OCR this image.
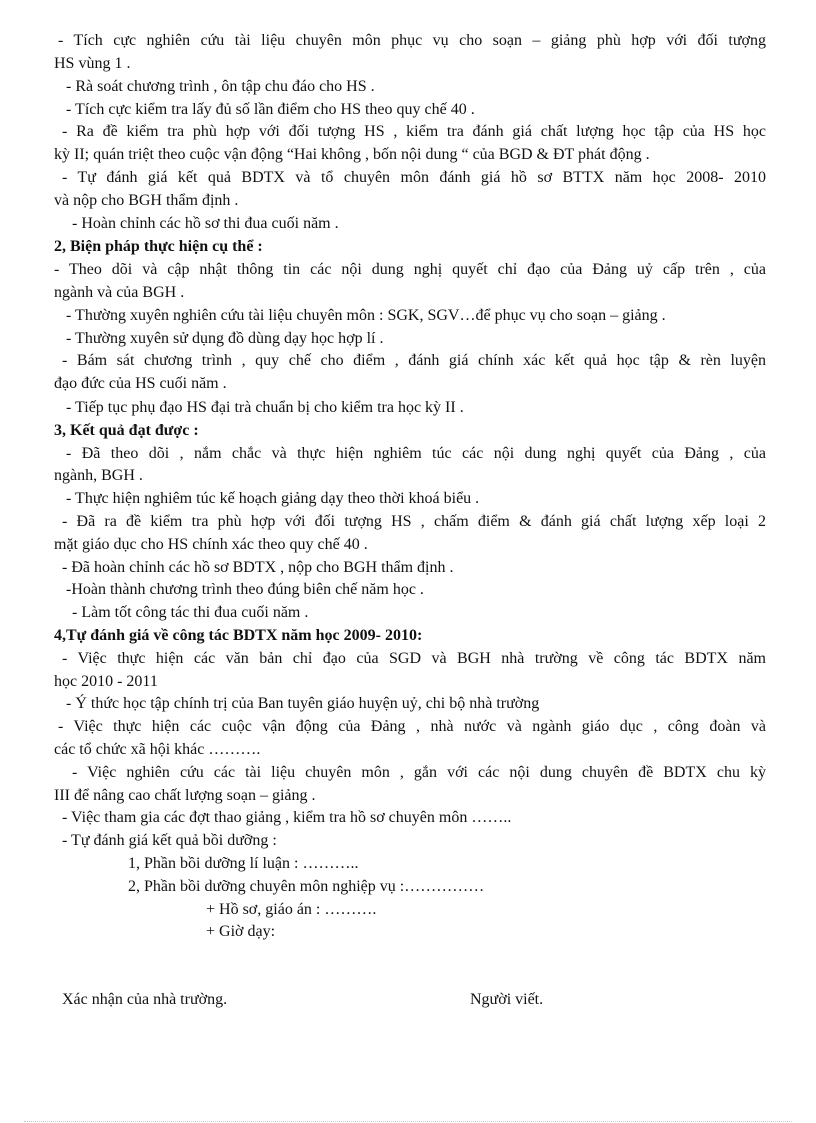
- Tích cực nghiên cứu tài liệu chuyên môn phục vụ cho soạn – giảng phù hợp với đối tượng

HS vùng 1 .

- Rà soát chương trình , ôn tập chu đáo cho HS .

- Tích cực kiểm tra lấy đủ số lần điểm cho HS theo quy chế 40 .

- Ra đề kiểm tra phù hợp với đối tượng HS , kiểm tra đánh giá chất lượng học tập của HS học

kỳ II; quán triệt theo cuộc vận động “Hai không , bốn nội dung “ của BGD & ĐT phát động .

- Tự đánh giá kết quả BDTX và tổ chuyên môn đánh giá hồ sơ BTTX năm học 2008- 2010

và nộp cho BGH thẩm định .

- Hoàn chỉnh các hồ sơ thi đua cuối năm .

2, Biện pháp thực hiện cụ thể :

- Theo dõi và cập nhật thông tin các nội dung nghị quyết chỉ đạo của Đảng uỷ cấp trên , của

ngành và của BGH .

- Thường xuyên nghiên cứu tài liệu chuyên môn : SGK, SGV…để phục vụ cho soạn – giảng .

- Thường xuyên sử dụng đồ dùng dạy học hợp lí .

- Bám sát chương trình , quy chế cho điểm , đánh giá chính xác kết quả học tập & rèn luyện

đạo đức của HS cuối năm .

- Tiếp tục phụ đạo HS đại trà chuẩn bị cho kiểm tra học kỳ II .

3, Kết quả đạt được :

- Đã theo dõi , nắm chắc và thực hiện nghiêm túc các nội dung nghị quyết của Đảng , của

ngành, BGH .

- Thực hiện nghiêm túc kế hoạch giảng dạy theo thời khoá biểu .

- Đã ra đề kiểm tra phù hợp với đối tượng HS , chấm điểm & đánh giá chất lượng xếp loại 2

mặt giáo dục cho HS chính xác theo quy chế 40 .

- Đã hoàn chỉnh các hồ sơ BDTX , nộp cho BGH thẩm định .

-Hoàn thành chương trình theo đúng biên chế năm học .

- Làm tốt công tác thi đua cuối năm .

4,Tự đánh giá về công tác BDTX năm học 2009- 2010:

- Việc thực hiện các văn bản chỉ đạo của SGD và BGH nhà trường về công tác BDTX năm

học 2010 - 2011

- Ý thức học tập chính trị của Ban tuyên giáo huyện uỷ, chi bộ nhà trường

- Việc thực hiện các cuộc vận động của Đảng , nhà nước và ngành giáo dục , công đoàn và

các tổ chức xã hội khác ……….

- Việc nghiên cứu các tài liệu chuyên môn , gắn với các nội dung chuyên đề BDTX chu kỳ

III để nâng cao chất lượng soạn – giảng .

- Việc tham gia các đợt thao giảng , kiểm tra hồ sơ chuyên môn ……..

- Tự đánh giá kết quả bồi dưỡng :

1, Phần bồi dưỡng lí luận : ………..

2, Phần bồi dưỡng chuyên môn nghiệp vụ :……………

+ Hồ sơ, giáo án : ……….

+ Giờ dạy:

Xác nhận của nhà trường.	Người viết.
